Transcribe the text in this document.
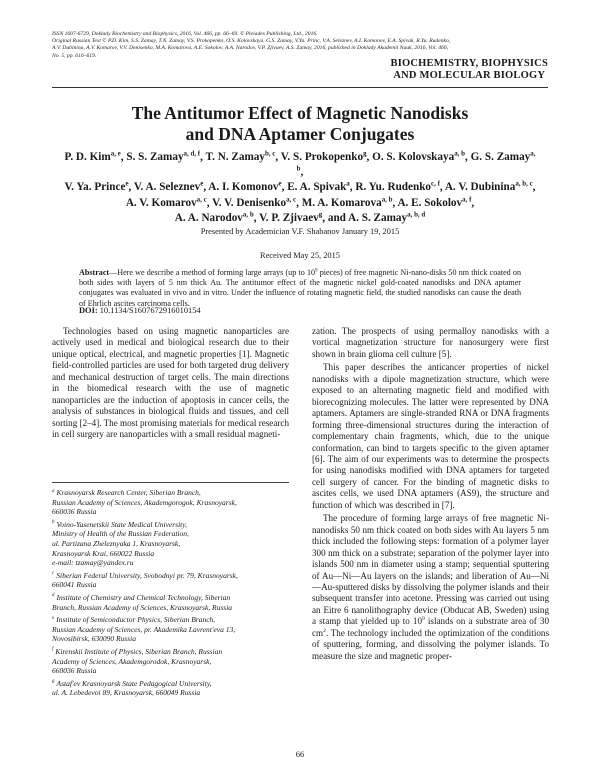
ISSN 1607-6729, Doklady Biochemistry and Biophysics, 2016, Vol. 466, pp. 66–69. © Pleiades Publishing, Ltd., 2016.
Original Russian Text © P.D. Kim, S.S. Zamay, T.N. Zamay, V.S. Prokopenko, O.S. Kolovskaya, G.S. Zamay, V.Ya. Princ, V.A. Seleznev, A.I. Komonov, E.A. Spivak, R.Yu. Rudenko,
A.V. Dubinina, A.V. Komarov, V.V. Denisenko, M.A. Komarova, A.E. Sokolov, A.A. Narodov, V.P. Zjivaev, A.S. Zamay, 2016, published in Doklady Akademii Nauk, 2016, Vol. 466,
No. 5, pp. 616–619.
BIOCHEMISTRY, BIOPHYSICS
AND MOLECULAR BIOLOGY
The Antitumor Effect of Magnetic Nanodisks
and DNA Aptamer Conjugates
P. D. Kim$^{a, e}$, S. S. Zamay$^{a, d, f}$, T. N. Zamay$^{b, c}$, V. S. Prokopenko$^g$, O. S. Kolovskaya$^{a, b}$, G. S. Zamay$^{a, b}$,
V. Ya. Prince$^e$, V. A. Seleznev$^e$, A. I. Komonov$^e$, E. A. Spivak$^a$, R. Yu. Rudenko$^{c, f}$, A. V. Dubinina$^{a, b, c}$,
A. V. Komarov$^{a, c}$, V. V. Denisenko$^{a, c}$, M. A. Komarova$^{a, b}$, A. E. Sokolov$^{a, f}$,
A. A. Narodov$^{a, b}$, V. P. Zjivaev$^g$, and A. S. Zamay$^{a, b, d}$
Presented by Academician V.F. Shabanov January 19, 2015
Received May 25, 2015
Abstract—Here we describe a method of forming large arrays (up to $10^9$ pieces) of free magnetic Ni-nano-disks 50 nm thick coated on both sides with layers of 5 nm thick Au. The antitumor effect of the magnetic nickel gold-coated nanodisks and DNA aptamer conjugates was evaluated in vivo and in vitro. Under the influence of rotating magnetic field, the studied nanodisks can cause the death of Ehrlich ascites carcinoma cells.
DOI: 10.1134/S1607672916010154

Technologies based on using magnetic nanoparticles are actively used in medical and biological research due to their unique optical, electrical, and magnetic properties [1]. Magnetic field-controlled particles are used for both targeted drug delivery and mechanical destruction of target cells. The main directions in the biomedical research with the use of magnetic nanoparticles are the induction of apoptosis in cancer cells, the analysis of substances in biological fluids and tissues, and cell sorting [2–4]. The most promising materials for medical research in cell surgery are nanoparticles with a small residual magneti-

$^a$ Krasnoyarsk Research Center, Siberian Branch,
Russian Academy of Sciences, Akademgorogok, Krasnoyarsk,
660036 Russia
$^b$ Voino-Yasenetskii State Medical University,
Ministry of Health of the Russian Federation,
ul. Partizana Zheleznyaka 1, Krasnoyarsk,
Krasnoyarsk Krai, 660022 Russia
e-mail: tzamay@yandex.ru
$^c$ Siberian Federal University, Svobodnyi pr. 79, Krasnoyarsk,
660041 Russia
$^d$ Institute of Chemistry and Chemical Technology, Siberian
Branch, Russian Academy of Sciences, Krasnoyarsk, Russia
$^e$ Institute of Semiconductor Physics, Siberian Branch,
Russian Academy of Sciences, pr. Akademika Lavrent'eva 13,
Novosibirsk, 630090 Russia
$^f$ Kirenskii Institute of Physics, Siberian Branch, Russian
Academy of Sciences, Akademgorodok, Krasnoyarsk,
660036 Russia
$^g$ Astaf'ev Krasnoyarsk State Pedagogical University,
ul. A. Lebedevoi 89, Krasnoyarsk, 660049 Russia

zation. The prospects of using permalloy nanodisks with a vortical magnetization structure for nanosurgery were first shown in brain glioma cell culture [5].

This paper describes the anticancer properties of nickel nanodisks with a dipole magnetization structure, which were exposed to an alternating magnetic field and modified with biorecognizing molecules. The latter were represented by DNA aptamers. Aptamers are single-stranded RNA or DNA fragments forming three-dimensional structures during the interaction of complementary chain fragments, which, due to the unique conformation, can bind to targets specific to the given aptamer [6]. The aim of our experiments was to determine the prospects for using nanodisks modified with DNA aptamers for targeted cell surgery of cancer. For the binding of magnetic disks to ascites cells, we used DNA aptamers (AS9), the structure and function of which was described in [7].

The procedure of forming large arrays of free magnetic Ni-nanodisks 50 nm thick coated on both sides with Au layers 5 nm thick included the following steps: formation of a polymer layer 300 nm thick on a substrate; separation of the polymer layer into islands 500 nm in diameter using a stamp; sequential sputtering of Au—Ni—Au layers on the islands; and liberation of Au—Ni—Au-sputtered disks by dissolving the polymer islands and their subsequent transfer into acetone. Pressing was carried out using an Eitre 6 nanolithography device (Obducat AB, Sweden) using a stamp that yielded up to $10^9$ islands on a substrate area of 30 $cm^2$. The technology included the optimization of the conditions of sputtering, forming, and dissolving the polymer islands. To measure the size and magnetic proper-

66
